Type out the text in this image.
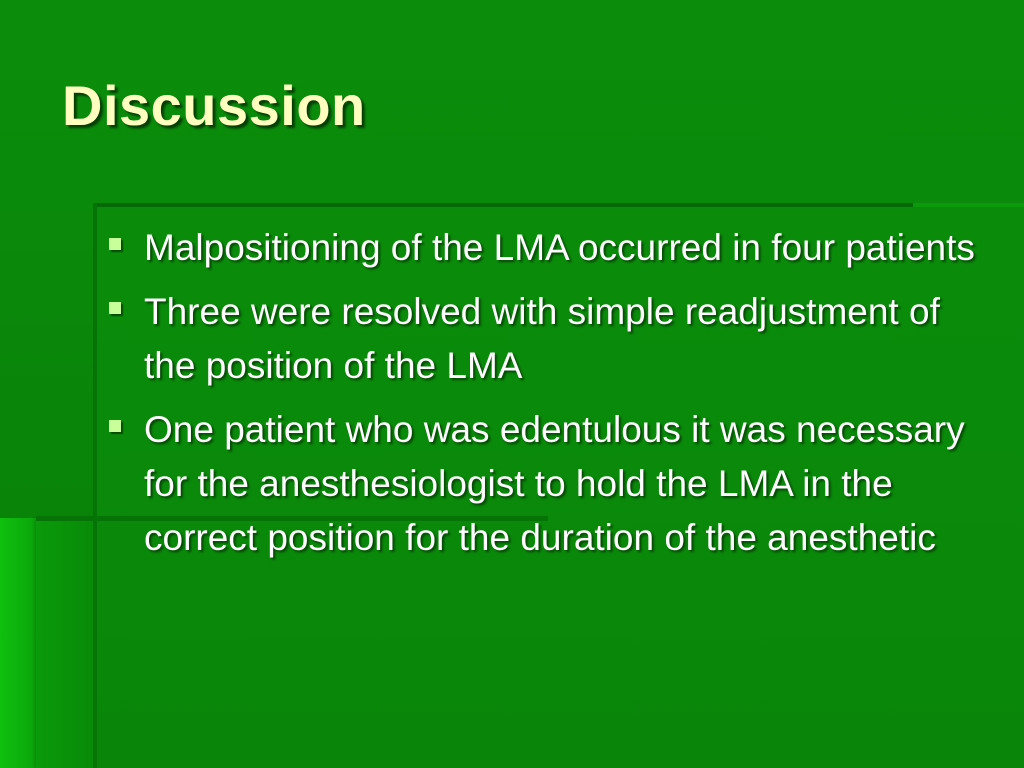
Discussion
Malpositioning of the LMA occurred in four patients
Three were resolved with simple readjustment of the position of the LMA
One patient who was edentulous it was necessary for the anesthesiologist to hold the LMA in the correct position for the duration of the anesthetic
